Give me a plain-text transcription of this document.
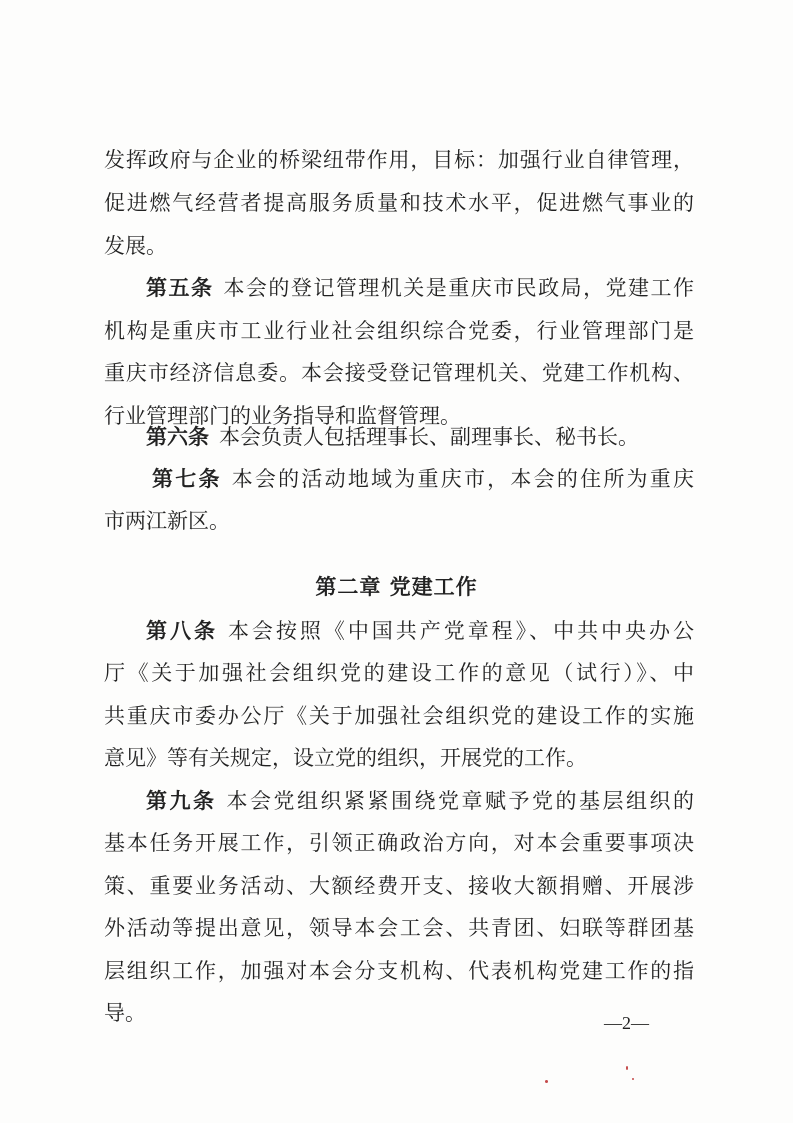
发挥政府与企业的桥梁纽带作用，目标：加强行业自律管理，
促进燃气经营者提高服务质量和技术水平，促进燃气事业的
发展。
第五条 本会的登记管理机关是重庆市民政局，党建工作
机构是重庆市工业行业社会组织综合党委，行业管理部门是
重庆市经济信息委。本会接受登记管理机关、党建工作机构、
行业管理部门的业务指导和监督管理。
第六条 本会负责人包括理事长、副理事长、秘书长。
第七条 本会的活动地域为重庆市，本会的住所为重庆
市两江新区。
第二章 党建工作
第八条 本会按照《中国共产党章程》、中共中央办公
厅《关于加强社会组织党的建设工作的意见（试行）》、中
共重庆市委办公厅《关于加强社会组织党的建设工作的实施
意见》等有关规定，设立党的组织，开展党的工作。
第九条 本会党组织紧紧围绕党章赋予党的基层组织的
基本任务开展工作，引领正确政治方向，对本会重要事项决
策、重要业务活动、大额经费开支、接收大额捐赠、开展涉
外活动等提出意见，领导本会工会、共青团、妇联等群团基
层组织工作，加强对本会分支机构、代表机构党建工作的指
导。	—2—
